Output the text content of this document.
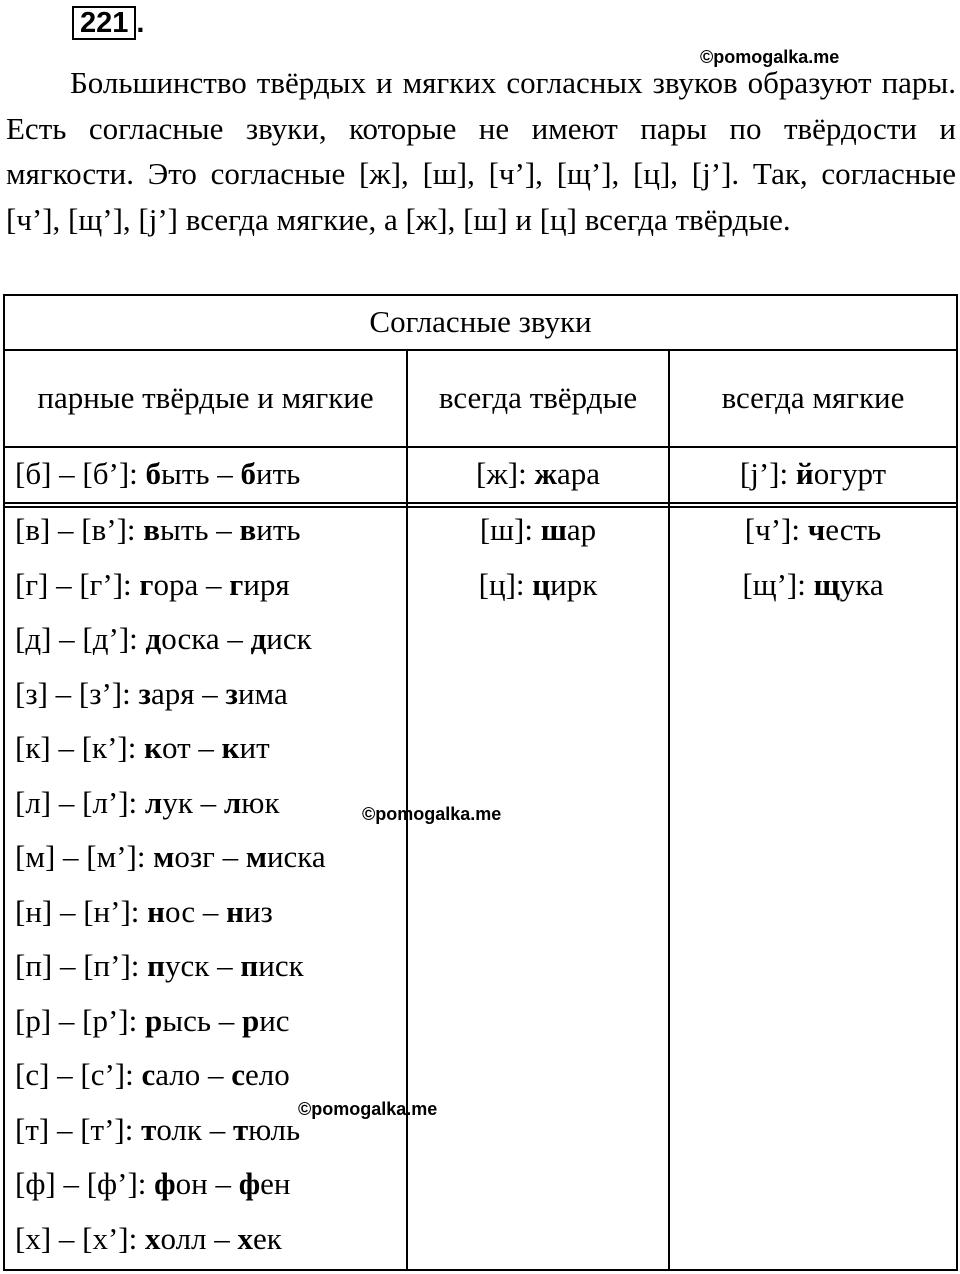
221 .
©pomogalka.me
©pomogalka.me
©pomogalka.me

Большинство твёрдых и мягких согласных звуков образуют пары. Есть согласные звуки, которые не имеют пары по твёрдости и мягкости. Это согласные [ж], [ш], [ч’], [щ’], [ц], [j’]. Так, согласные [ч’], [щ’], [j’] всегда мягкие, а [ж], [ш] и [ц] всегда твёрдые.

Согласные звуки
парные твёрдые и мягкие	всегда твёрдые	всегда мягкие
[б] – [б’]: быть – бить
[в] – [в’]: выть – вить
[г] – [г’]: гора – гиря
[д] – [д’]: доска – диск
[з] – [з’]: заря – зима
[к] – [к’]: кот – кит
[л] – [л’]: лук – люк
[м] – [м’]: мозг – миска
[н] – [н’]: нос – низ
[п] – [п’]: пуск – писк
[р] – [р’]: рысь – рис
[с] – [с’]: сало – село
[т] – [т’]: толк – тюль
[ф] – [ф’]: фон – фен
[х] – [х’]: холл – хек
[ж]: жара
[ш]: шар
[ц]: цирк
[j’]: йогурт
[ч’]: честь
[щ’]: щука
